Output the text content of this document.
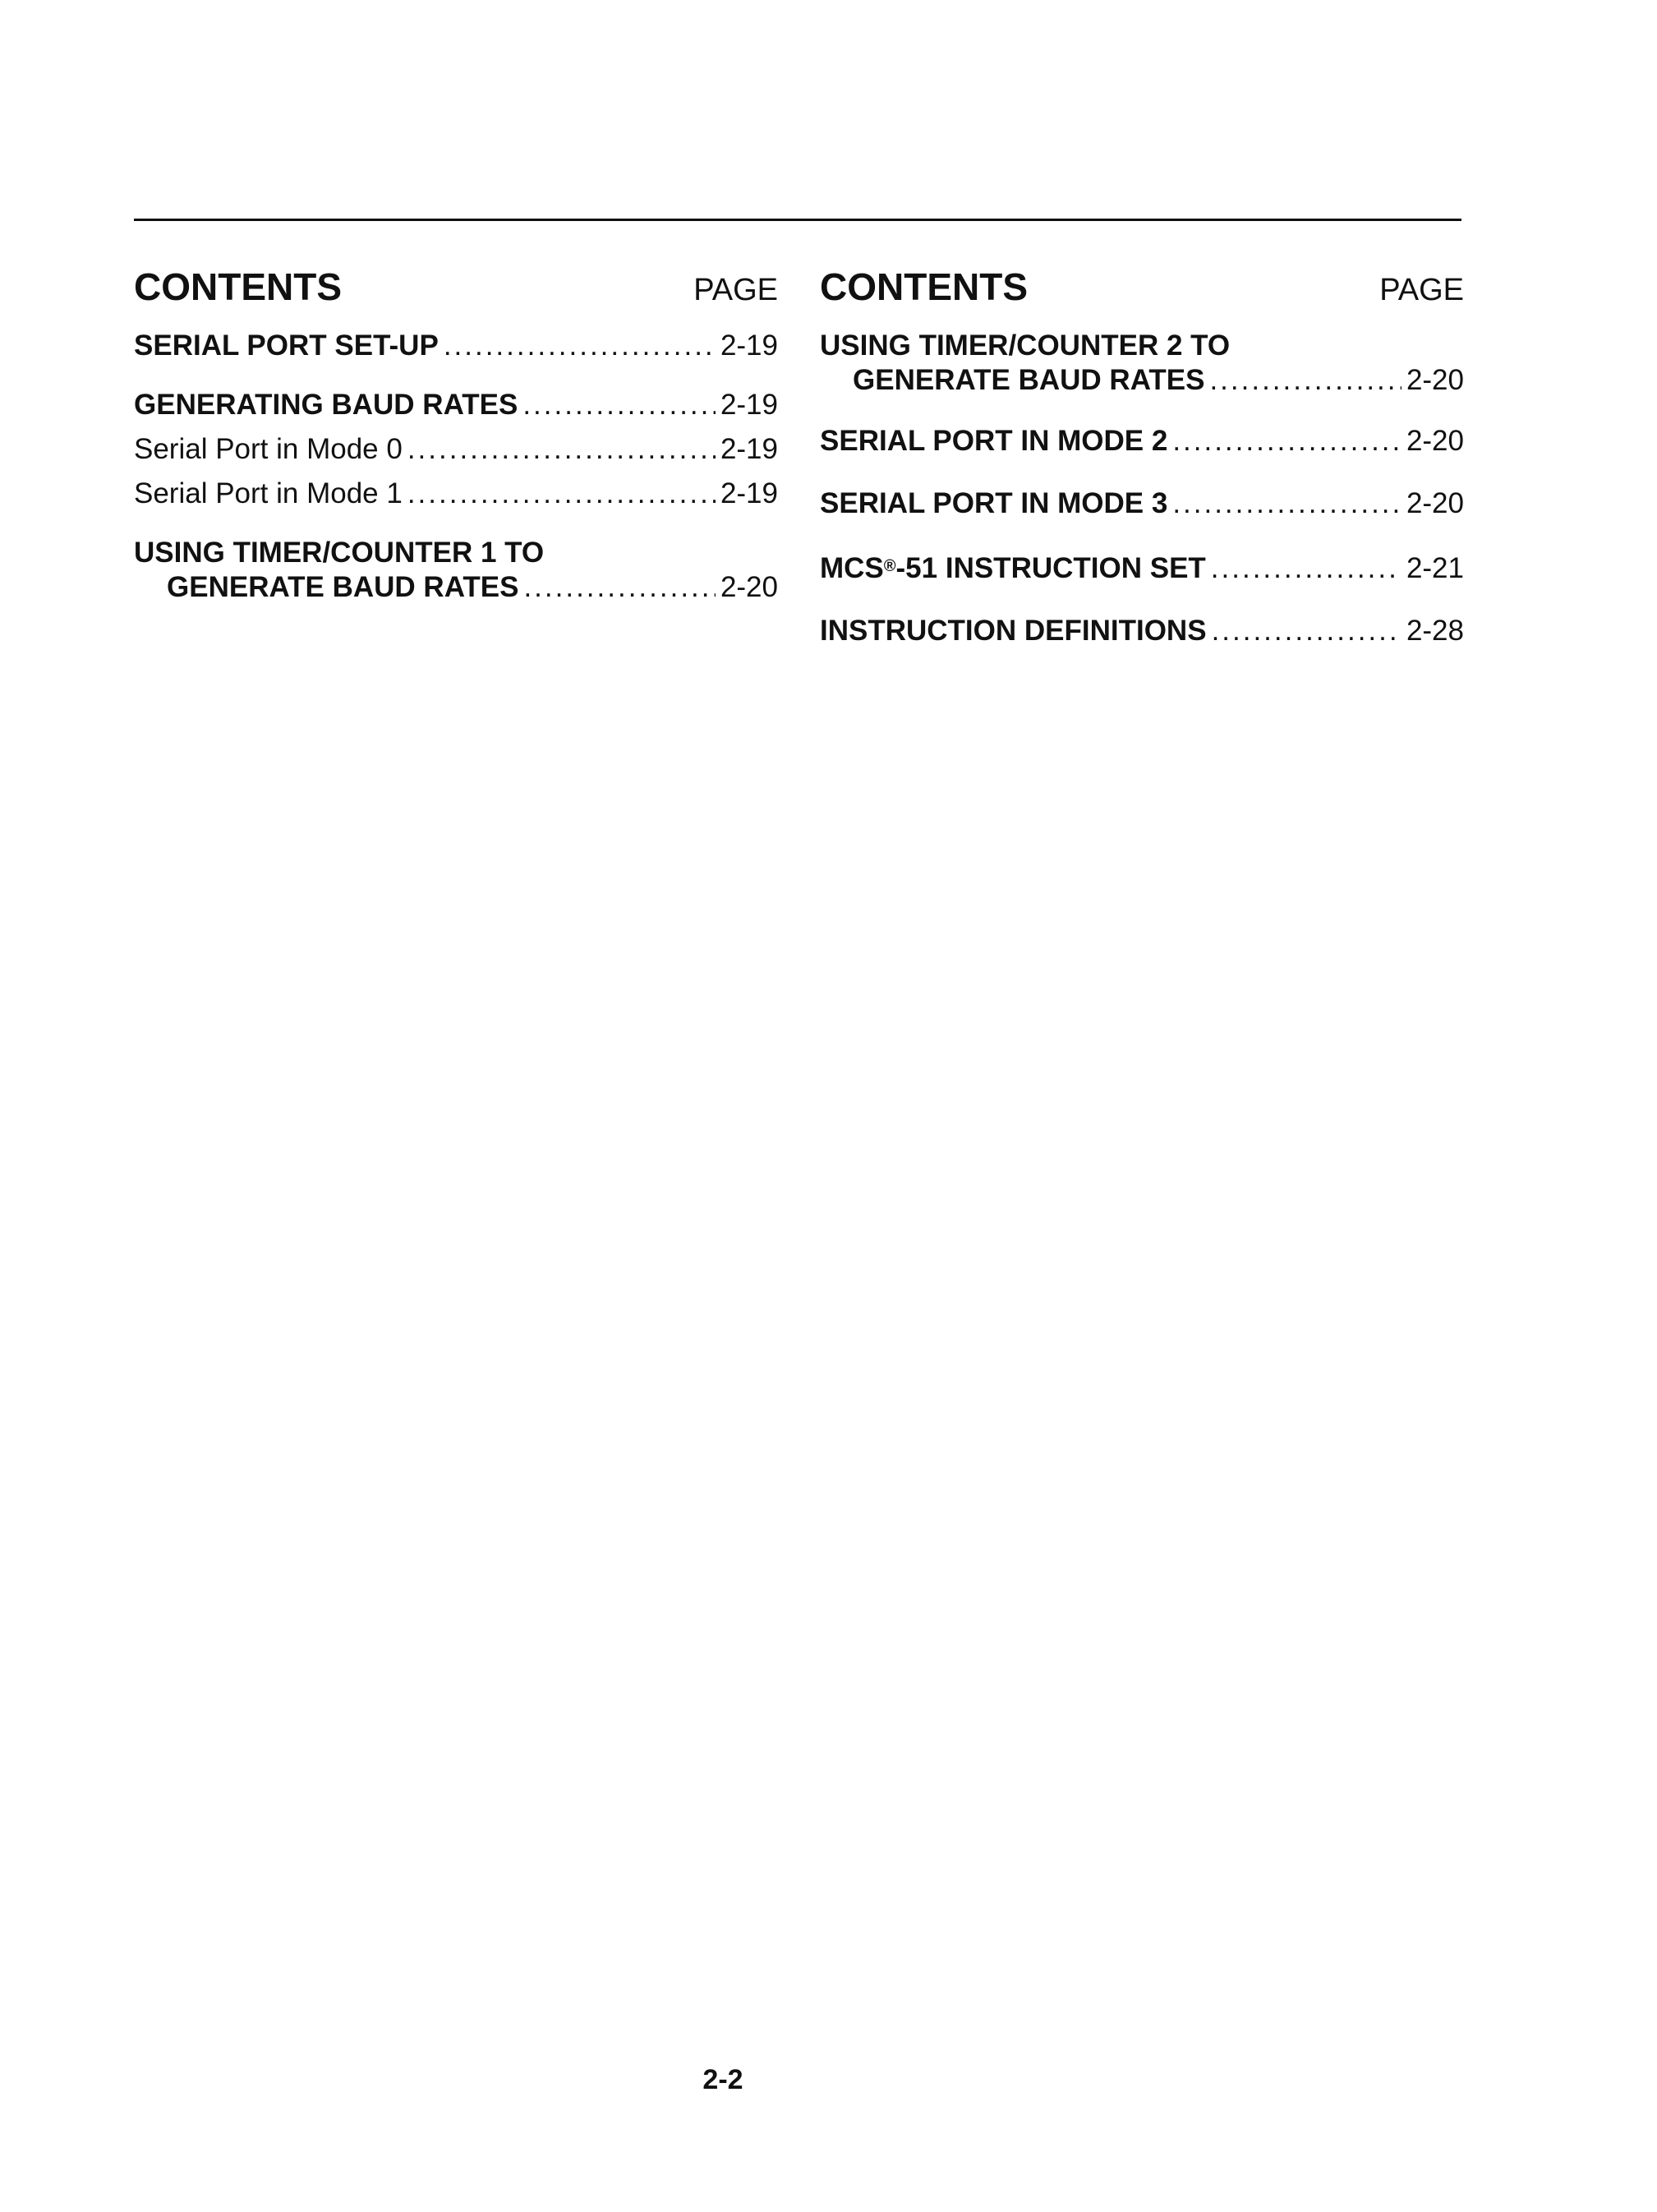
CONTENTS	PAGE
SERIAL PORT SET-UP .....	2-19
GENERATING BAUD RATES .....	2-19
Serial Port in Mode 0 .....	2-19
Serial Port in Mode 1 .....	2-19
USING TIMER/COUNTER 1 TO
GENERATE BAUD RATES .....	2-20
CONTENTS	PAGE
USING TIMER/COUNTER 2 TO
GENERATE BAUD RATES .....	2-20
SERIAL PORT IN MODE 2 .....	2-20
SERIAL PORT IN MODE 3 .....	2-20
MCS®-51 INSTRUCTION SET .....	2-21
INSTRUCTION DEFINITIONS .....	2-28
2-2
